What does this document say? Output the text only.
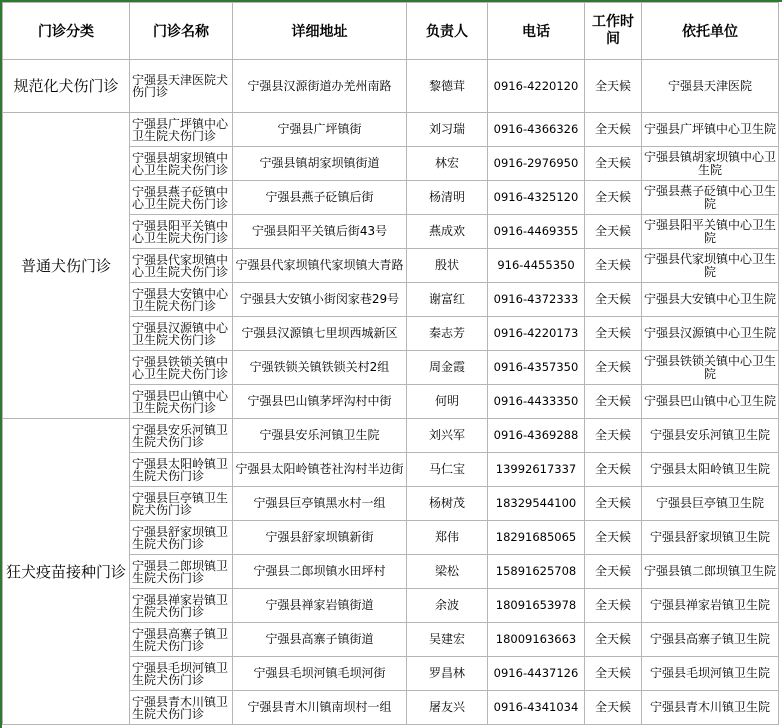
门诊分类	门诊名称	详细地址	负责人	电话	工作时间	依托单位
规范化犬伤门诊	宁强县天津医院犬伤门诊	宁强县汉源街道办羌州南路	黎德茸	0916-4220120	全天候	宁强县天津医院
普通犬伤门诊	宁强县广坪镇中心卫生院犬伤门诊	宁强县广坪镇街	刘习瑞	0916-4366326	全天候	宁强县广坪镇中心卫生院
	宁强县胡家坝镇中心卫生院犬伤门诊	宁强县镇胡家坝镇街道	林宏	0916-2976950	全天候	宁强县镇胡家坝镇中心卫生院
	宁强县燕子砭镇中心卫生院犬伤门诊	宁强县燕子砭镇后街	杨清明	0916-4325120	全天候	宁强县燕子砭镇中心卫生院
	宁强县阳平关镇中心卫生院犬伤门诊	宁强县阳平关镇后街43号	燕成欢	0916-4469355	全天候	宁强县阳平关镇中心卫生院
	宁强县代家坝镇中心卫生院犬伤门诊	宁强县代家坝镇代家坝镇大青路	殷状	916-4455350	全天候	宁强县代家坝镇中心卫生院
	宁强县大安镇中心卫生院犬伤门诊	宁强县大安镇小街闵家巷29号	谢富红	0916-4372333	全天候	宁强县大安镇中心卫生院
	宁强县汉源镇中心卫生院犬伤门诊	宁强县汉源镇七里坝西城新区	秦志芳	0916-4220173	全天候	宁强县汉源镇中心卫生院
	宁强县铁锁关镇中心卫生院犬伤门诊	宁强铁锁关镇铁锁关村2组	周金霞	0916-4357350	全天候	宁强县铁锁关镇中心卫生院
	宁强县巴山镇中心卫生院犬伤门诊	宁强县巴山镇茅坪沟村中街	何明	0916-4433350	全天候	宁强县巴山镇中心卫生院
狂犬疫苗接种门诊	宁强县安乐河镇卫生院犬伤门诊	宁强县安乐河镇卫生院	刘兴军	0916-4369288	全天候	宁强县安乐河镇卫生院
	宁强县太阳岭镇卫生院犬伤门诊	宁强县太阳岭镇苍社沟村半边街	马仁宝	13992617337	全天候	宁强县太阳岭镇卫生院
	宁强县巨亭镇卫生院犬伤门诊	宁强县巨亭镇黑水村一组	杨树茂	18329544100	全天候	宁强县巨亭镇卫生院
	宁强县舒家坝镇卫生院犬伤门诊	宁强县舒家坝镇新街	郑伟	18291685065	全天候	宁强县舒家坝镇卫生院
	宁强县二郎坝镇卫生院犬伤门诊	宁强县二郎坝镇水田坪村	梁松	15891625708	全天候	宁强县镇二郎坝镇卫生院
	宁强县禅家岩镇卫生院犬伤门诊	宁强县禅家岩镇街道	余波	18091653978	全天候	宁强县禅家岩镇卫生院
	宁强县高寨子镇卫生院犬伤门诊	宁强县高寨子镇街道	吴建宏	18009163663	全天候	宁强县高寨子镇卫生院
	宁强县毛坝河镇卫生院犬伤门诊	宁强县毛坝河镇毛坝河街	罗昌林	0916-4437126	全天候	宁强县毛坝河镇卫生院
	宁强县青木川镇卫生院犬伤门诊	宁强县青木川镇南坝村一组	屠友兴	0916-4341034	全天候	宁强县青木川镇卫生院
